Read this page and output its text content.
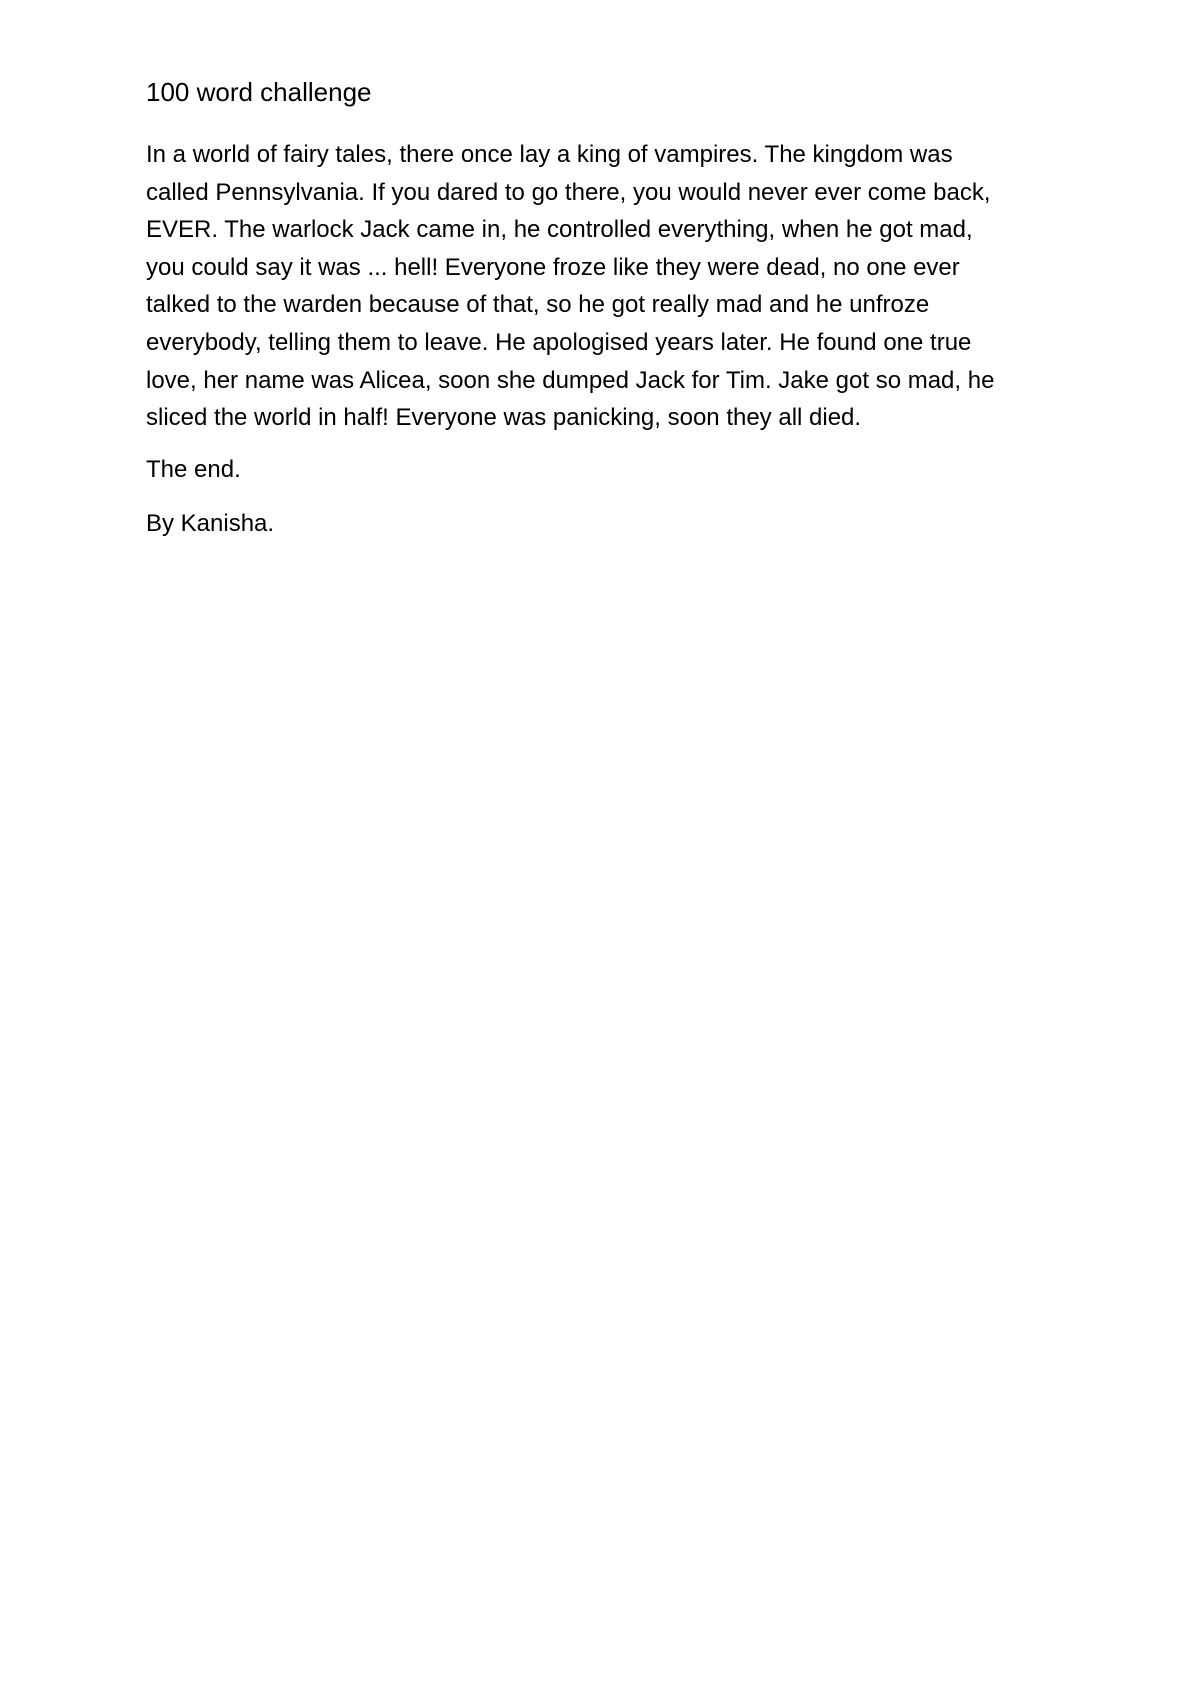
100 word challenge

In a world of fairy tales, there once lay a king of vampires. The kingdom was
called Pennsylvania. If you dared to go there, you would never ever come back,
EVER. The warlock Jack came in, he controlled everything, when he got mad,
you could say it was ... hell! Everyone froze like they were dead, no one ever
talked to the warden because of that, so he got really mad and he unfroze
everybody, telling them to leave. He apologised years later. He found one true
love, her name was Alicea, soon she dumped Jack for Tim. Jake got so mad, he
sliced the world in half! Everyone was panicking, soon they all died.

The end.

By Kanisha.
